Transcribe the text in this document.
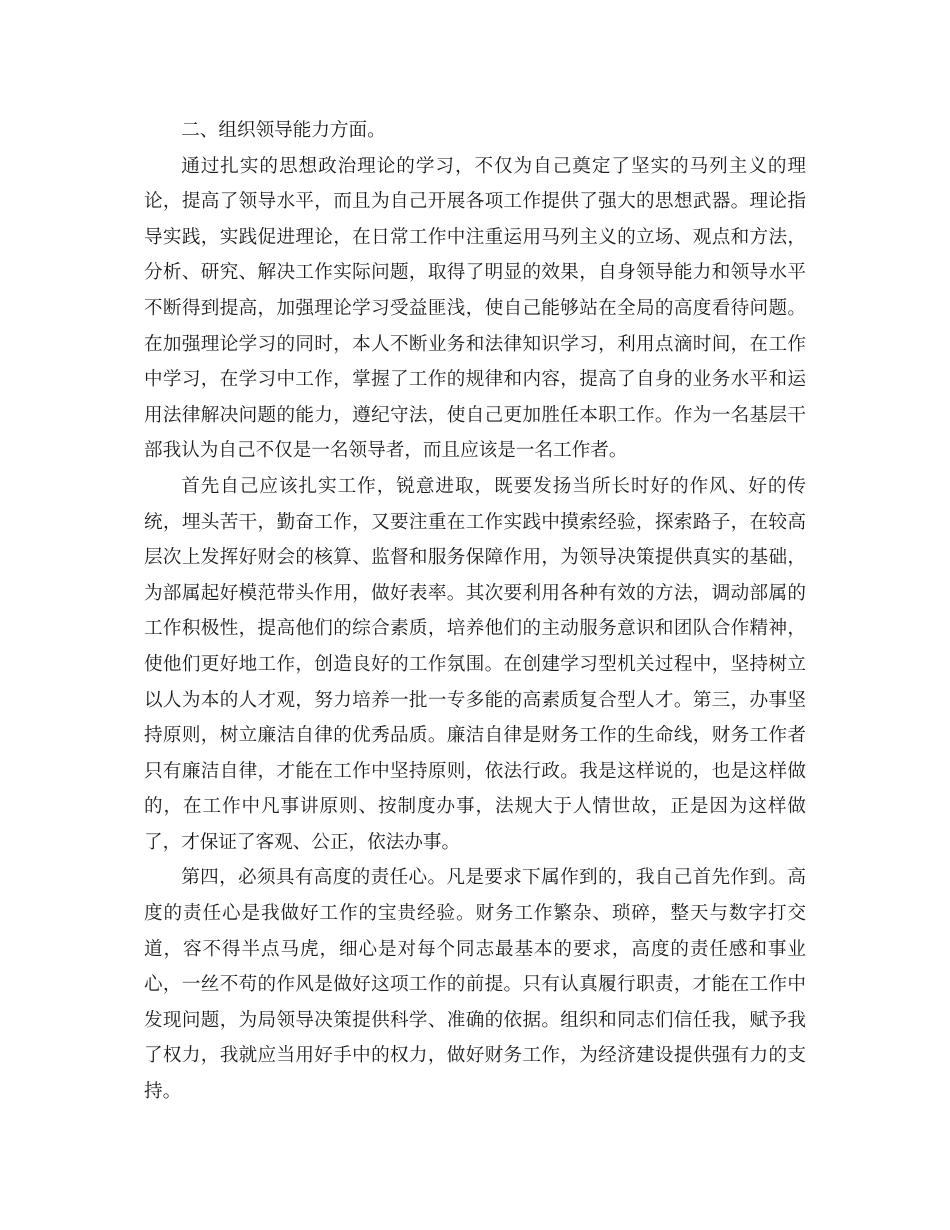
二、组织领导能力方面。

通过扎实的思想政治理论的学习，不仅为自己奠定了坚实的马列主义的理论，提高了领导水平，而且为自己开展各项工作提供了强大的思想武器。理论指导实践，实践促进理论，在日常工作中注重运用马列主义的立场、观点和方法，分析、研究、解决工作实际问题，取得了明显的效果，自身领导能力和领导水平不断得到提高，加强理论学习受益匪浅，使自己能够站在全局的高度看待问题。在加强理论学习的同时，本人不断业务和法律知识学习，利用点滴时间，在工作中学习，在学习中工作，掌握了工作的规律和内容，提高了自身的业务水平和运用法律解决问题的能力，遵纪守法，使自己更加胜任本职工作。作为一名基层干部我认为自己不仅是一名领导者，而且应该是一名工作者。

首先自己应该扎实工作，锐意进取，既要发扬当所长时好的作风、好的传统，埋头苦干，勤奋工作，又要注重在工作实践中摸索经验，探索路子，在较高层次上发挥好财会的核算、监督和服务保障作用，为领导决策提供真实的基础，为部属起好模范带头作用，做好表率。其次要利用各种有效的方法，调动部属的工作积极性，提高他们的综合素质，培养他们的主动服务意识和团队合作精神，使他们更好地工作，创造良好的工作氛围。在创建学习型机关过程中，坚持树立以人为本的人才观，努力培养一批一专多能的高素质复合型人才。第三，办事坚持原则，树立廉洁自律的优秀品质。廉洁自律是财务工作的生命线，财务工作者只有廉洁自律，才能在工作中坚持原则，依法行政。我是这样说的，也是这样做的，在工作中凡事讲原则、按制度办事，法规大于人情世故，正是因为这样做了，才保证了客观、公正，依法办事。

第四，必须具有高度的责任心。凡是要求下属作到的，我自己首先作到。高度的责任心是我做好工作的宝贵经验。财务工作繁杂、琐碎，整天与数字打交道，容不得半点马虎，细心是对每个同志最基本的要求，高度的责任感和事业心，一丝不苟的作风是做好这项工作的前提。只有认真履行职责，才能在工作中发现问题，为局领导决策提供科学、准确的依据。组织和同志们信任我，赋予我了权力，我就应当用好手中的权力，做好财务工作，为经济建设提供强有力的支持。
